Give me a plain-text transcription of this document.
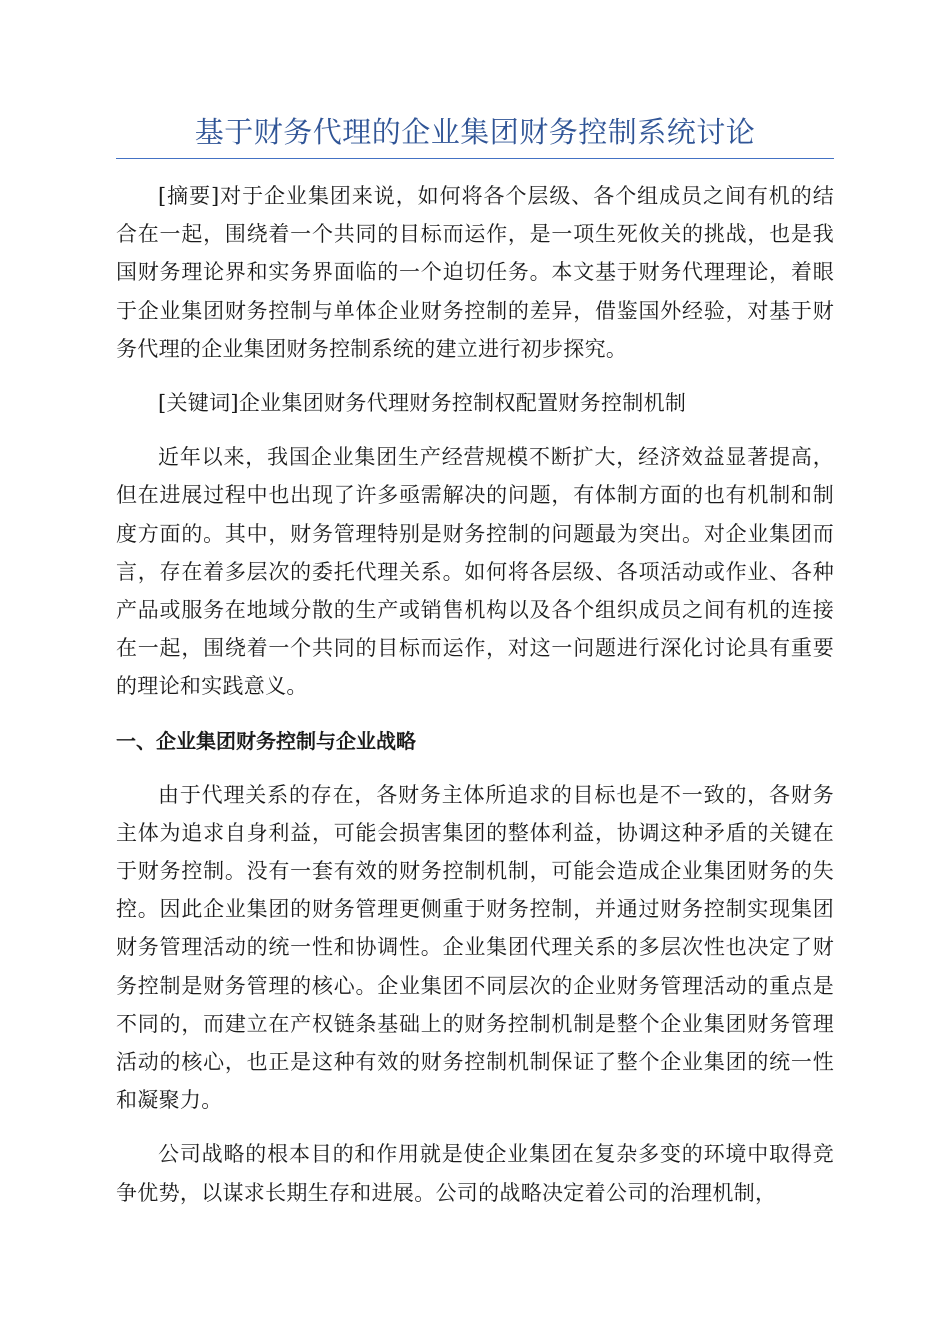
基于财务代理的企业集团财务控制系统讨论

[摘要]对于企业集团来说，如何将各个层级、各个组成员之间有机的结合在一起，围绕着一个共同的目标而运作，是一项生死攸关的挑战，也是我国财务理论界和实务界面临的一个迫切任务。本文基于财务代理理论，着眼于企业集团财务控制与单体企业财务控制的差异，借鉴国外经验，对基于财务代理的企业集团财务控制系统的建立进行初步探究。

[关键词]企业集团财务代理财务控制权配置财务控制机制

近年以来，我国企业集团生产经营规模不断扩大，经济效益显著提高，但在进展过程中也出现了许多亟需解决的问题，有体制方面的也有机制和制度方面的。其中，财务管理特别是财务控制的问题最为突出。对企业集团而言，存在着多层次的委托代理关系。如何将各层级、各项活动或作业、各种产品或服务在地域分散的生产或销售机构以及各个组织成员之间有机的连接在一起，围绕着一个共同的目标而运作，对这一问题进行深化讨论具有重要的理论和实践意义。

一、企业集团财务控制与企业战略

由于代理关系的存在，各财务主体所追求的目标也是不一致的，各财务主体为追求自身利益，可能会损害集团的整体利益，协调这种矛盾的关键在于财务控制。没有一套有效的财务控制机制，可能会造成企业集团财务的失控。因此企业集团的财务管理更侧重于财务控制，并通过财务控制实现集团财务管理活动的统一性和协调性。企业集团代理关系的多层次性也决定了财务控制是财务管理的核心。企业集团不同层次的企业财务管理活动的重点是不同的，而建立在产权链条基础上的财务控制机制是整个企业集团财务管理活动的核心，也正是这种有效的财务控制机制保证了整个企业集团的统一性和凝聚力。

公司战略的根本目的和作用就是使企业集团在复杂多变的环境中取得竞争优势，以谋求长期生存和进展。公司的战略决定着公司的治理机制，
